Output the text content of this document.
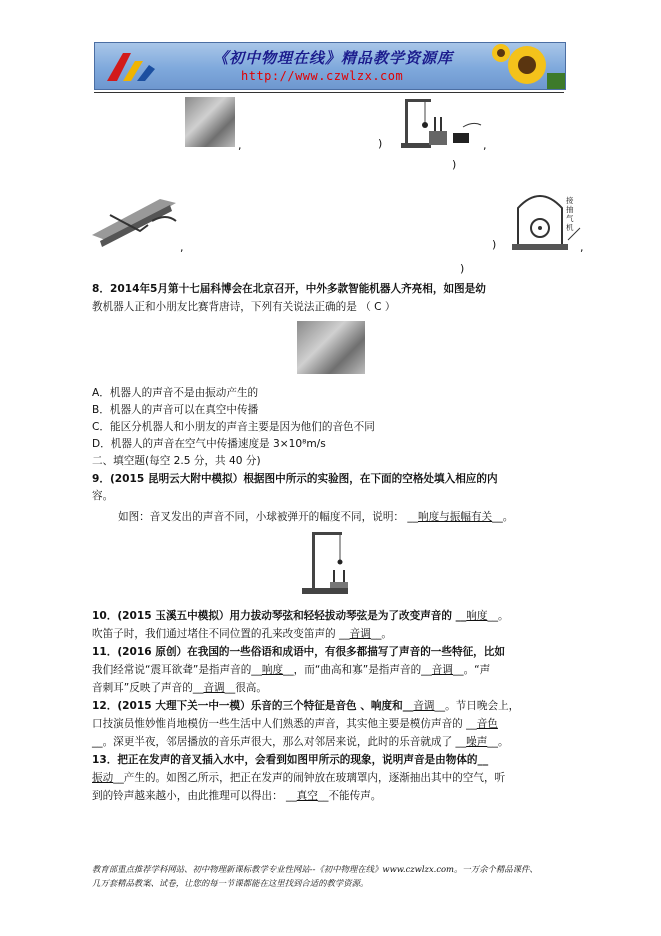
《初中物理在线》精品教学资源库
http://www.czwlzx.com
,	)	,
)
,	)
接抽气机
,
)
8．2014年5月第十七届科博会在北京召开，中外多款智能机器人齐亮相，如图是幼
教机器人正和小朋友比赛背唐诗，下列有关说法正确的是 （ C ）
A．机器人的声音不是由振动产生的
B．机器人的声音可以在真空中传播
C．能区分机器人和小朋友的声音主要是因为他们的音色不同
D．机器人的声音在空气中传播速度是 3×10⁸m/s
二、填空题(每空 2.5 分，共 40 分)
9．(2015 昆明云大附中模拟）根据图中所示的实验图，在下面的空格处填入相应的内
容。
如图：音叉发出的声音不同，小球被弹开的幅度不同，说明： __响度与振幅有关__。
10．(2015 玉溪五中模拟）用力拔动琴弦和轻轻拔动琴弦是为了改变声音的 __响度__。
吹笛子时，我们通过堵住不同位置的孔来改变笛声的 __音调__。
11．(2016 原创）在我国的一些俗语和成语中，有很多都描写了声音的一些特征，比如
我们经常说“震耳欲聋”是指声音的__响度__，而“曲高和寡”是指声音的__音调__。“声
音刺耳”反映了声音的__音调__很高。
12．(2015 大理下关一中一模）乐音的三个特征是音色 、响度和__音调__。节日晚会上，
口技演员惟妙惟肖地模仿一些生活中人们熟悉的声音，其实他主要是模仿声音的 __音色
__。深更半夜，邻居播放的音乐声很大，那么对邻居来说，此时的乐音就成了 __噪声__。
13．把正在发声的音叉插入水中，会看到如图甲所示的现象，说明声音是由物体的__
振动__产生的。如图乙所示，把正在发声的闹钟放在玻璃罩内，逐渐抽出其中的空气，听
到的铃声越来越小，由此推理可以得出： __真空__不能传声。
教育部重点推荐学科网站、初中物理新课标教学专业性网站--《初中物理在线》www.czwlzx.com。一万余个精品课件、
几万套精品教案、试卷，让您的每一节课都能在这里找到合适的教学资源。
